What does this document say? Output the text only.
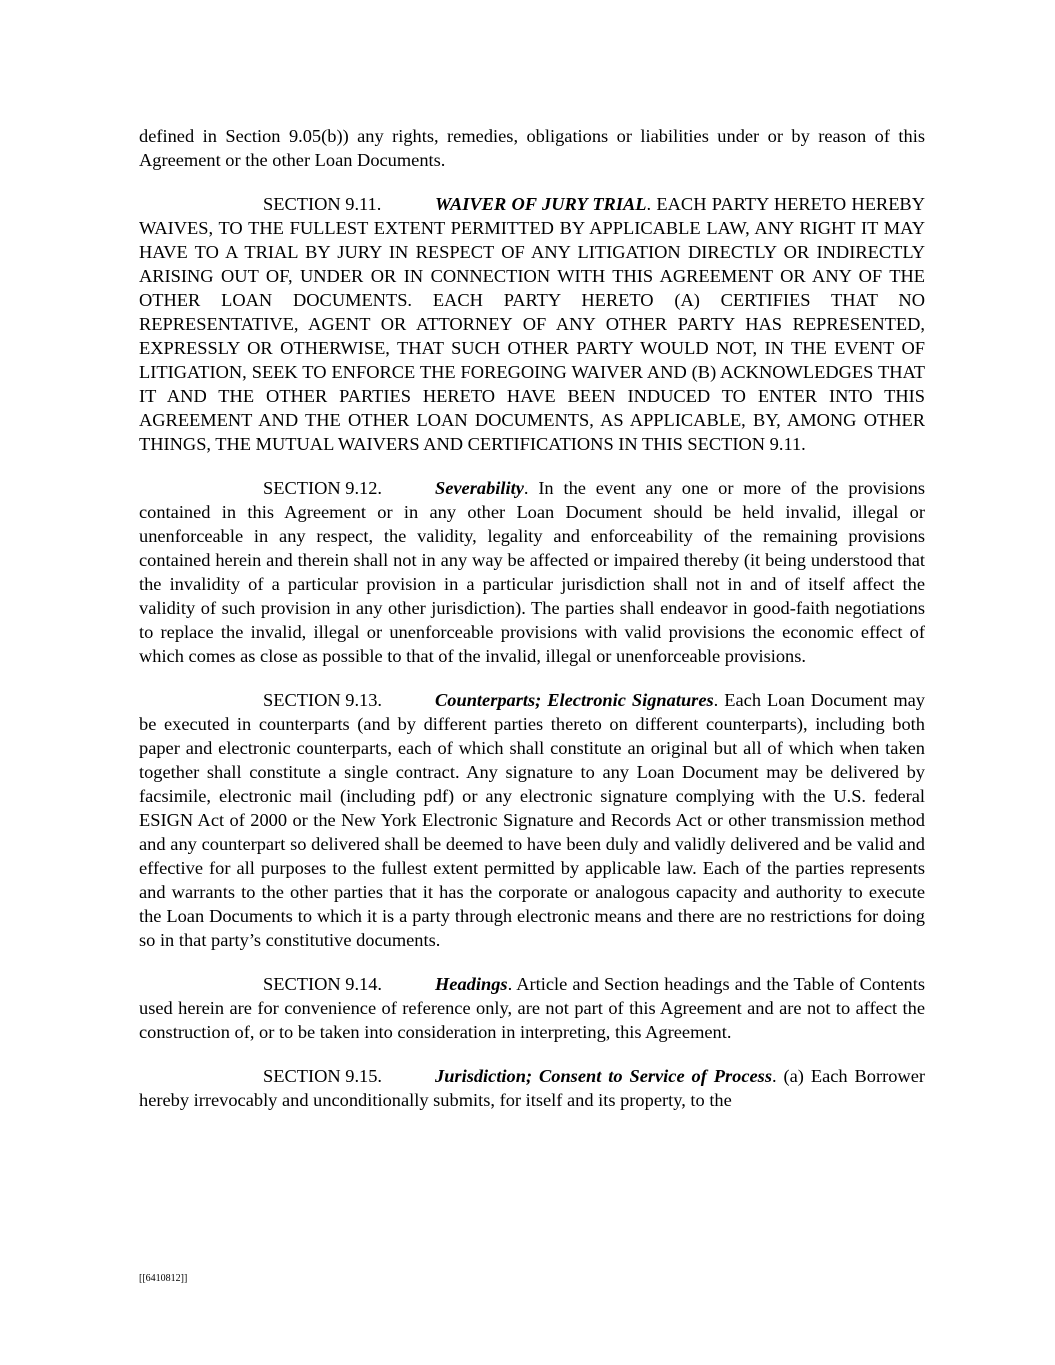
defined in Section 9.05(b)) any rights, remedies, obligations or liabilities under or by reason of this Agreement or the other Loan Documents.

SECTION 9.11.	WAIVER OF JURY TRIAL. EACH PARTY HERETO HEREBY WAIVES, TO THE FULLEST EXTENT PERMITTED BY APPLICABLE LAW, ANY RIGHT IT MAY HAVE TO A TRIAL BY JURY IN RESPECT OF ANY LITIGATION DIRECTLY OR INDIRECTLY ARISING OUT OF, UNDER OR IN CONNECTION WITH THIS AGREEMENT OR ANY OF THE OTHER LOAN DOCUMENTS. EACH PARTY HERETO (A) CERTIFIES THAT NO REPRESENTATIVE, AGENT OR ATTORNEY OF ANY OTHER PARTY HAS REPRESENTED, EXPRESSLY OR OTHERWISE, THAT SUCH OTHER PARTY WOULD NOT, IN THE EVENT OF LITIGATION, SEEK TO ENFORCE THE FOREGOING WAIVER AND (B) ACKNOWLEDGES THAT IT AND THE OTHER PARTIES HERETO HAVE BEEN INDUCED TO ENTER INTO THIS AGREEMENT AND THE OTHER LOAN DOCUMENTS, AS APPLICABLE, BY, AMONG OTHER THINGS, THE MUTUAL WAIVERS AND CERTIFICATIONS IN THIS SECTION 9.11.

SECTION 9.12.	Severability. In the event any one or more of the provisions contained in this Agreement or in any other Loan Document should be held invalid, illegal or unenforceable in any respect, the validity, legality and enforceability of the remaining provisions contained herein and therein shall not in any way be affected or impaired thereby (it being understood that the invalidity of a particular provision in a particular jurisdiction shall not in and of itself affect the validity of such provision in any other jurisdiction). The parties shall endeavor in good-faith negotiations to replace the invalid, illegal or unenforceable provisions with valid provisions the economic effect of which comes as close as possible to that of the invalid, illegal or unenforceable provisions.

SECTION 9.13.	Counterparts; Electronic Signatures. Each Loan Document may be executed in counterparts (and by different parties thereto on different counterparts), including both paper and electronic counterparts, each of which shall constitute an original but all of which when taken together shall constitute a single contract. Any signature to any Loan Document may be delivered by facsimile, electronic mail (including pdf) or any electronic signature complying with the U.S. federal ESIGN Act of 2000 or the New York Electronic Signature and Records Act or other transmission method and any counterpart so delivered shall be deemed to have been duly and validly delivered and be valid and effective for all purposes to the fullest extent permitted by applicable law. Each of the parties represents and warrants to the other parties that it has the corporate or analogous capacity and authority to execute the Loan Documents to which it is a party through electronic means and there are no restrictions for doing so in that party’s constitutive documents.

SECTION 9.14.	Headings. Article and Section headings and the Table of Contents used herein are for convenience of reference only, are not part of this Agreement and are not to affect the construction of, or to be taken into consideration in interpreting, this Agreement.

SECTION 9.15.	Jurisdiction; Consent to Service of Process. (a) Each Borrower hereby irrevocably and unconditionally submits, for itself and its property, to the

[[6410812]]
